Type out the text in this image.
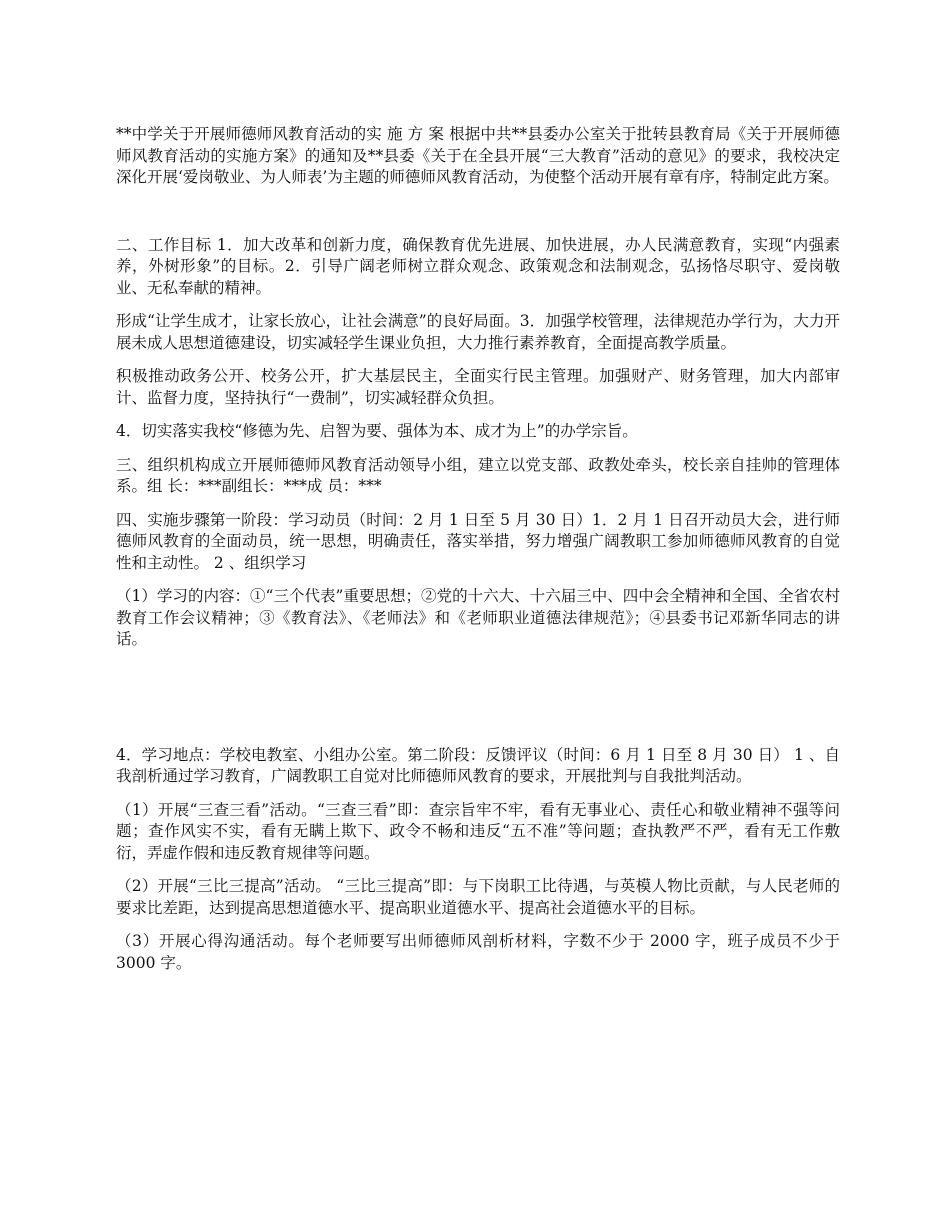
**中学关于开展师德师风教育活动的实 施 方 案 根据中共**县委办公室关于批转县教育局《关于开展师德师风教育活动的实施方案》的通知及**县委《关于在全县开展“三大教育”活动的意见》的要求，我校决定深化开展‘爱岗敬业、为人师表’为主题的师德师风教育活动，为使整个活动开展有章有序，特制定此方案。

二、工作目标 1．加大改革和创新力度，确保教育优先进展、加快进展，办人民满意教育，实现“内强素养，外树形象”的目标。2．引导广阔老师树立群众观念、政策观念和法制观念，弘扬恪尽职守、爱岗敬业、无私奉献的精神。

形成“让学生成才，让家长放心，让社会满意”的良好局面。3．加强学校管理，法律规范办学行为，大力开展未成人思想道德建设，切实减轻学生课业负担，大力推行素养教育，全面提高教学质量。

积极推动政务公开、校务公开，扩大基层民主，全面实行民主管理。加强财产、财务管理，加大内部审计、监督力度，坚持执行“一费制”，切实减轻群众负担。

4．切实落实我校“修德为先、启智为要、强体为本、成才为上”的办学宗旨。

三、组织机构成立开展师德师风教育活动领导小组，建立以党支部、政教处牵头，校长亲自挂帅的管理体系。组 长：***副组长：***成 员：***

四、实施步骤第一阶段：学习动员（时间：2 月 1 日至 5 月 30 日）1．2 月 1 日召开动员大会，进行师德师风教育的全面动员，统一思想，明确责任，落实举措，努力增强广阔教职工参加师德师风教育的自觉性和主动性。 2 、组织学习

（1）学习的内容：①“三个代表”重要思想；②党的十六大、十六届三中、四中会全精神和全国、全省农村教育工作会议精神；③《教育法》、《老师法》和《老师职业道德法律规范》；④县委书记邓新华同志的讲话。

4．学习地点：学校电教室、小组办公室。第二阶段：反馈评议（时间：6 月 1 日至 8 月 30 日） 1 、自我剖析通过学习教育，广阔教职工自觉对比师德师风教育的要求，开展批判与自我批判活动。

（1）开展“三查三看”活动。“三查三看”即：查宗旨牢不牢，看有无事业心、责任心和敬业精神不强等问题；查作风实不实，看有无瞒上欺下、政令不畅和违反“五不准”等问题；查执教严不严，看有无工作敷衍，弄虚作假和违反教育规律等问题。

（2）开展“三比三提高”活动。 “三比三提高”即：与下岗职工比待遇，与英模人物比贡献，与人民老师的要求比差距，达到提高思想道德水平、提高职业道德水平、提高社会道德水平的目标。

（3）开展心得沟通活动。每个老师要写出师德师风剖析材料，字数不少于 2000 字，班子成员不少于 3000 字。
